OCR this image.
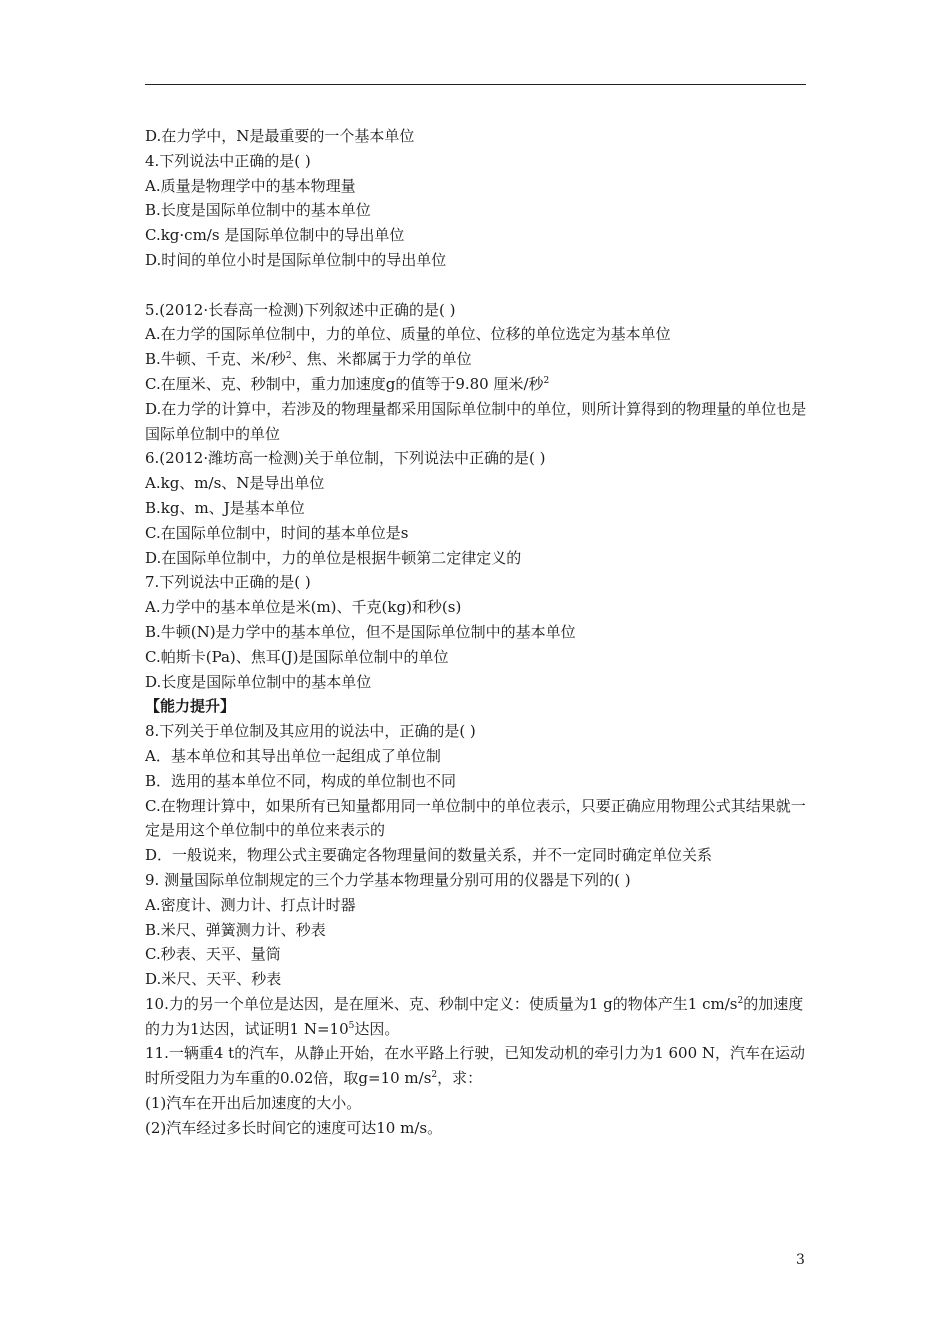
D.在力学中，N是最重要的一个基本单位
4.下列说法中正确的是( )
A.质量是物理学中的基本物理量
B.长度是国际单位制中的基本单位
C.kg·cm/s 是国际单位制中的导出单位
D.时间的单位小时是国际单位制中的导出单位
5.(2012·长春高一检测)下列叙述中正确的是( )
A.在力学的国际单位制中，力的单位、质量的单位、位移的单位选定为基本单位
B.牛顿、千克、米/秒$^2$、焦、米都属于力学的单位
C.在厘米、克、秒制中，重力加速度g的值等于9.80 厘米/秒$^2$
D.在力学的计算中，若涉及的物理量都采用国际单位制中的单位，则所计算得到的物理量的单位也是国际单位制中的单位
6.(2012·潍坊高一检测)关于单位制，下列说法中正确的是( )
A.kg、m/s、N是导出单位
B.kg、m、J是基本单位
C.在国际单位制中，时间的基本单位是s
D.在国际单位制中，力的单位是根据牛顿第二定律定义的
7.下列说法中正确的是( )
A.力学中的基本单位是米(m)、千克(kg)和秒(s)
B.牛顿(N)是力学中的基本单位，但不是国际单位制中的基本单位
C.帕斯卡(Pa)、焦耳(J)是国际单位制中的单位
D.长度是国际单位制中的基本单位
【能力提升】
8.下列关于单位制及其应用的说法中，正确的是( )
A．基本单位和其导出单位一起组成了单位制
B．选用的基本单位不同，构成的单位制也不同
C.在物理计算中，如果所有已知量都用同一单位制中的单位表示，只要正确应用物理公式其结果就一定是用这个单位制中的单位来表示的
D．一般说来，物理公式主要确定各物理量间的数量关系，并不一定同时确定单位关系
9. 测量国际单位制规定的三个力学基本物理量分别可用的仪器是下列的( )
A.密度计、测力计、打点计时器
B.米尺、弹簧测力计、秒表
C.秒表、天平、量筒
D.米尺、天平、秒表
10.力的另一个单位是达因，是在厘米、克、秒制中定义：使质量为1 g的物体产生1 $cm/s^2$的加速度的力为1达因，试证明1 $N=10^5$达因。
11.一辆重4 t的汽车，从静止开始，在水平路上行驶，已知发动机的牵引力为1 600 N，汽车在运动时所受阻力为车重的0.02倍，取g=10 $m/s^2$，求：
(1)汽车在开出后加速度的大小。
(2)汽车经过多长时间它的速度可达10 m/s。
3
